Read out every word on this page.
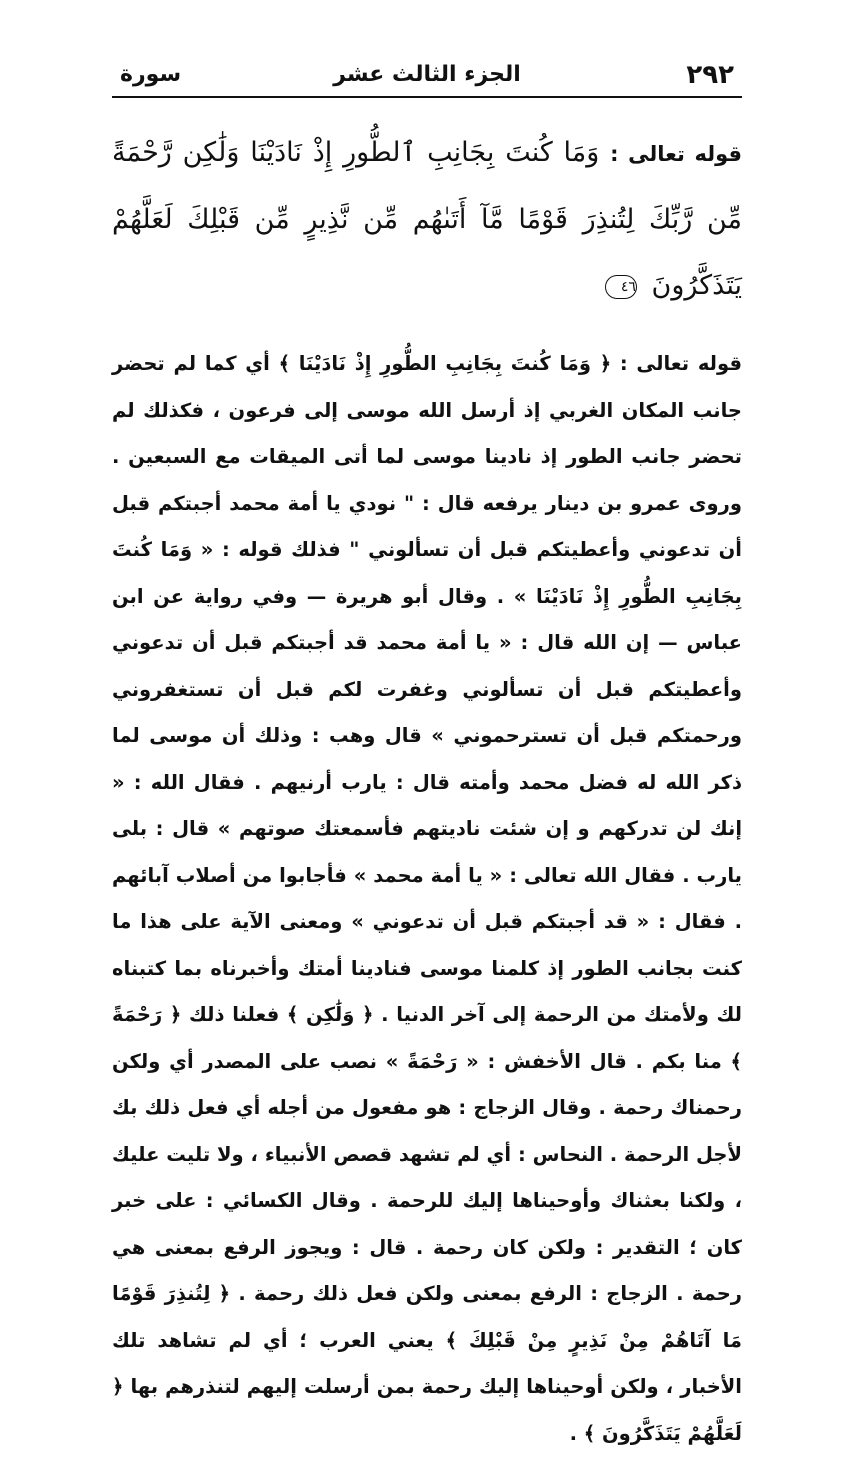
٢٩٢
الجزء الثالث عشر
سورة
قوله تعالى : وَمَا كُنتَ بِجَانِبِ ٱلطُّورِ إِذْ نَادَيْنَا وَلَٰكِن رَّحْمَةً مِّن رَّبِّكَ لِتُنذِرَ قَوْمًا مَّآ أَتَىٰهُم مِّن نَّذِيرٍ مِّن قَبْلِكَ لَعَلَّهُمْ يَتَذَكَّرُونَ ٤٦

قوله تعالى : ﴿ وَمَا كُنتَ بِجَانِبِ الطُّورِ إِذْ نَادَيْنَا ﴾ أي كما لم تحضر جانب المكان الغربي إذ أرسل الله موسى إلى فرعون ، فكذلك لم تحضر جانب الطور إذ نادينا موسى لما أتى الميقات مع السبعين . وروى عمرو بن دينار يرفعه قال : " نودي يا أمة محمد أجبتكم قبل أن تدعوني وأعطيتكم قبل أن تسألوني " فذلك قوله : « وَمَا كُنتَ بِجَانِبِ الطُّورِ إِذْ نَادَيْنَا » . وقال أبو هريرة — وفي رواية عن ابن عباس — إن الله قال : « يا أمة محمد قد أجبتكم قبل أن تدعوني وأعطيتكم قبل أن تسألوني وغفرت لكم قبل أن تستغفروني ورحمتكم قبل أن تسترحموني » قال وهب : وذلك أن موسى لما ذكر الله له فضل محمد وأمته قال : يارب أرنيهم . فقال الله : « إنك لن تدركهم و إن شئت ناديتهم فأسمعتك صوتهم » قال : بلى يارب . فقال الله تعالى : « يا أمة محمد » فأجابوا من أصلاب آبائهم . فقال : « قد أجبتكم قبل أن تدعوني » ومعنى الآية على هذا ما كنت بجانب الطور إذ كلمنا موسى فنادينا أمتك وأخبرناه بما كتبناه لك ولأمتك من الرحمة إلى آخر الدنيا . ﴿ وَلَٰكِن ﴾ فعلنا ذلك ﴿ رَحْمَةً ﴾ منا بكم . قال الأخفش : « رَحْمَةً » نصب على المصدر أي ولكن رحمناك رحمة . وقال الزجاج : هو مفعول من أجله أي فعل ذلك بك لأجل الرحمة . النحاس : أي لم تشهد قصص الأنبياء ، ولا تليت عليك ، ولكنا بعثناك وأوحيناها إليك للرحمة . وقال الكسائي : على خبر كان ؛ التقدير : ولكن كان رحمة . قال : ويجوز الرفع بمعنى هي رحمة . الزجاج : الرفع بمعنى ولكن فعل ذلك رحمة . ﴿ لِتُنذِرَ قَوْمًا مَا آتَاهُمْ مِنْ نَذِيرٍ مِنْ قَبْلِكَ ﴾ يعني العرب ؛ أي لم تشاهد تلك الأخبار ، ولكن أوحيناها إليك رحمة بمن أرسلت إليهم لتنذرهم بها ﴿ لَعَلَّهُمْ يَتَذَكَّرُونَ ﴾ .
